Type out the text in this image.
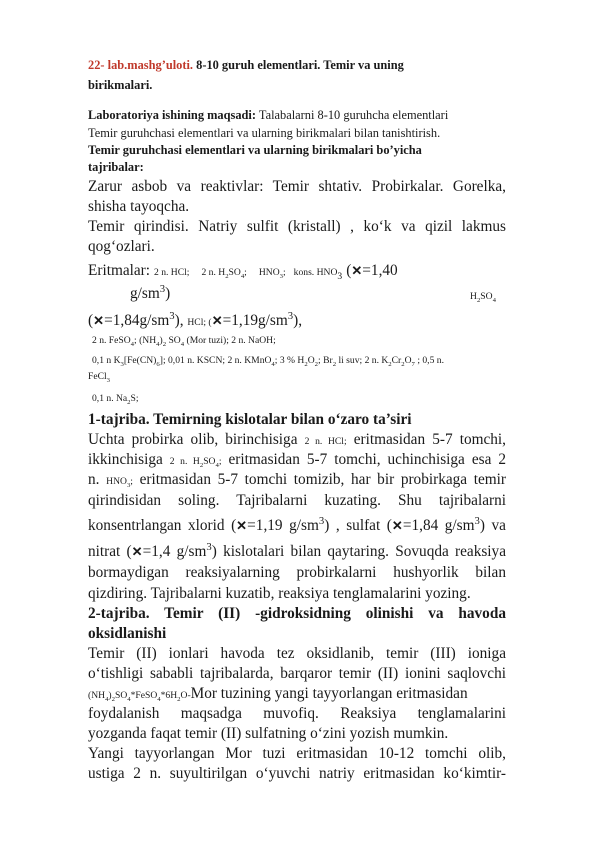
22- lab.mashg’uloti. 8-10 guruh elementlari. Temir va uning
birikmalari.
Laboratoriya ishining maqsadi: Talabalarni 8-10 guruhcha elementlari
Temir guruhchasi elementlari va ularning birikmalari bilan tanishtirish.
Temir guruhchasi elementlari va ularning birikmalari bo’yicha
tajribalar:
Zarur asbob va reaktivlar: Temir shtativ. Probirkalar. Gorelka,
shisha tayoqcha.
Temir qirindisi. Natriy sulfit (kristall) , ko‘k va qizil lakmus
qog‘ozlari.
Eritmalar: 2 n. HCl; 2 n. $H_2SO_4$; $HNO_3$; kons. $HNO_3$ (✕=1,40
$g/sm^3$)	$H_2SO_4$
$(✕=1,84g/sm^3)$, HCl; $(✕=1,19g/sm^3)$,
2 n. FeSO$_4$; $(NH_4)_2$ $SO_4$ (Mor tuzi); 2 n. NaOH;
0,1 n $K_3[Fe(CN)_6]$; 0,01 n. KSCN; 2 n. KMnO$_4$; 3 % $H_2O_2$; $Br_2$ li suv; 2 n. $K_2Cr_2O_7$ ; 0,5 n.
FeCl$_3$
0,1 n. $Na_2S$;
1-tajriba. Temirning kislotalar bilan o‘zaro ta’siri
Uchta probirka olib, birinchisiga 2 n. HCl; eritmasidan 5-7 tomchi,
ikkinchisiga 2 n. $H_2SO_4$; eritmasidan 5-7 tomchi, uchinchisiga esa 2
n. $HNO_3$; eritmasidan 5-7 tomchi tomizib, har bir probirkaga temir
qirindisidan soling. Tajribalarni kuzating. Shu tajribalarni
konsentrlangan xlorid (✕=1,19 $g/sm^3$) , sulfat (✕=1,84 $g/sm^3$) va
nitrat (✕=1,4 $g/sm^3$) kislotalari bilan qaytaring. Sovuqda reaksiya
bormaydigan reaksiyalarning probirkalarni hushyorlik bilan
qizdiring. Tajribalarni kuzatib, reaksiya tenglamalarini yozing.
2-tajriba. Temir (II) -gidroksidning olinishi va havoda
oksidlanishi
Temir (II) ionlari havoda tez oksidlanib, temir (III) ioniga
o‘tishligi sababli tajribalarda, barqaror temir (II) ionini saqlovchi
$(NH_4)_2SO_4*FeSO_4*6H_2O$-Mor tuzining yangi tayyorlangan eritmasidan
foydalanish maqsadga muvofiq. Reaksiya tenglamalarini
yozganda faqat temir (II) sulfatning o‘zini yozish mumkin.
Yangi tayyorlangan Mor tuzi eritmasidan 10-12 tomchi olib,
ustiga 2 n. suyultirilgan o‘yuvchi natriy eritmasidan ko‘kimtir-
